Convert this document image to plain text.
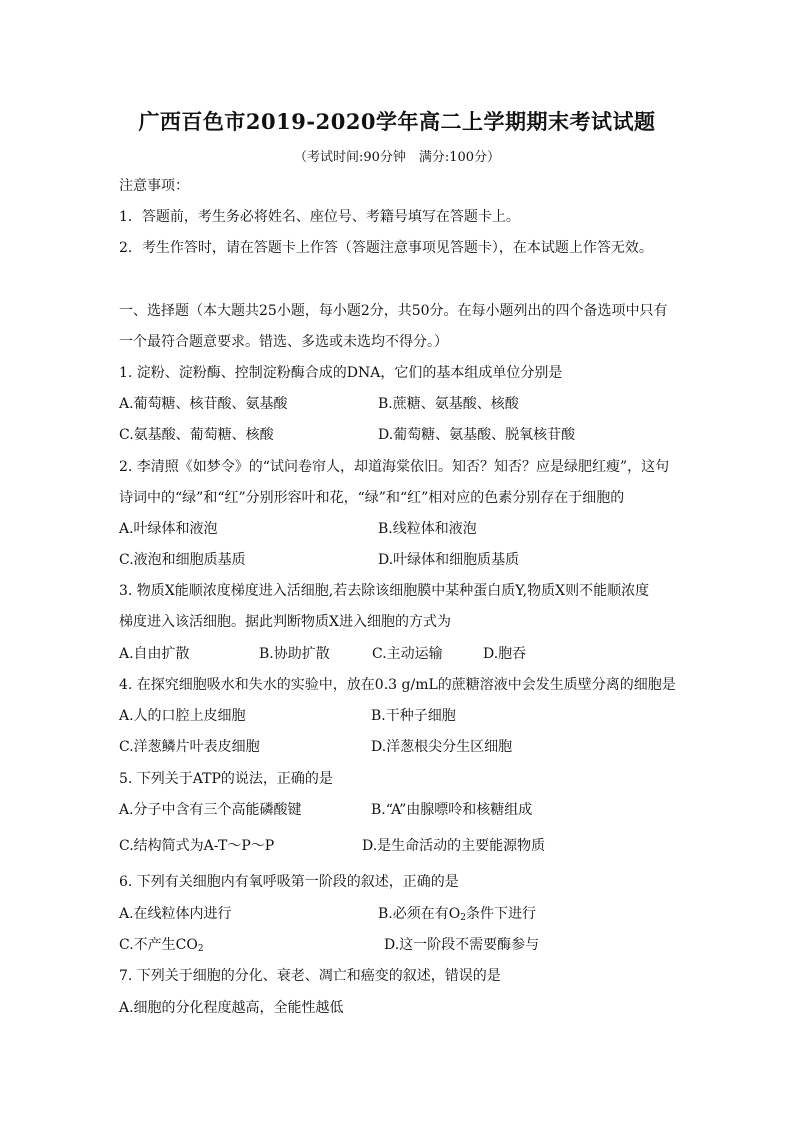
广西百色市2019-2020学年高二上学期期末考试试题
（考试时间:90分钟　满分:100分）
注意事项：
1．答题前，考生务必将姓名、座位号、考籍号填写在答题卡上。
2．考生作答时，请在答题卡上作答（答题注意事项见答题卡），在本试题上作答无效。
一、选择题（本大题共25小题，每小题2分，共50分。在每小题列出的四个备选项中只有
一个最符合题意要求。错选、多选或未选均不得分。）
1. 淀粉、淀粉酶、控制淀粉酶合成的DNA，它们的基本组成单位分别是
A.葡萄糖、核苷酸、氨基酸	B.蔗糖、氨基酸、核酸
C.氨基酸、葡萄糖、核酸	D.葡萄糖、氨基酸、脱氧核苷酸
2. 李清照《如梦令》的“试问卷帘人，却道海棠依旧。知否？知否？应是绿肥红瘦”，这句
诗词中的“绿”和“红”分别形容叶和花，“绿”和“红”相对应的色素分别存在于细胞的
A.叶绿体和液泡	B.线粒体和液泡
C.液泡和细胞质基质	D.叶绿体和细胞质基质
3. 物质X能顺浓度梯度进入活细胞,若去除该细胞膜中某种蛋白质Y,物质X则不能顺浓度
梯度进入该活细胞。据此判断物质X进入细胞的方式为
A.自由扩散	B.协助扩散	C.主动运输	D.胞吞
4. 在探究细胞吸水和失水的实验中，放在0.3 g/mL的蔗糖溶液中会发生质壁分离的细胞是
A.人的口腔上皮细胞	B.干种子细胞
C.洋葱鳞片叶表皮细胞	D.洋葱根尖分生区细胞
5. 下列关于ATP的说法，正确的是
A.分子中含有三个高能磷酸键	B.“A”由腺嘌呤和核糖组成
C.结构简式为A-T～P～P	D.是生命活动的主要能源物质
6. 下列有关细胞内有氧呼吸第一阶段的叙述，正确的是
A.在线粒体内进行	B.必须在有$O_2$条件下进行
C.不产生$CO_2$	D.这一阶段不需要酶参与
7. 下列关于细胞的分化、衰老、凋亡和癌变的叙述，错误的是
A.细胞的分化程度越高，全能性越低
